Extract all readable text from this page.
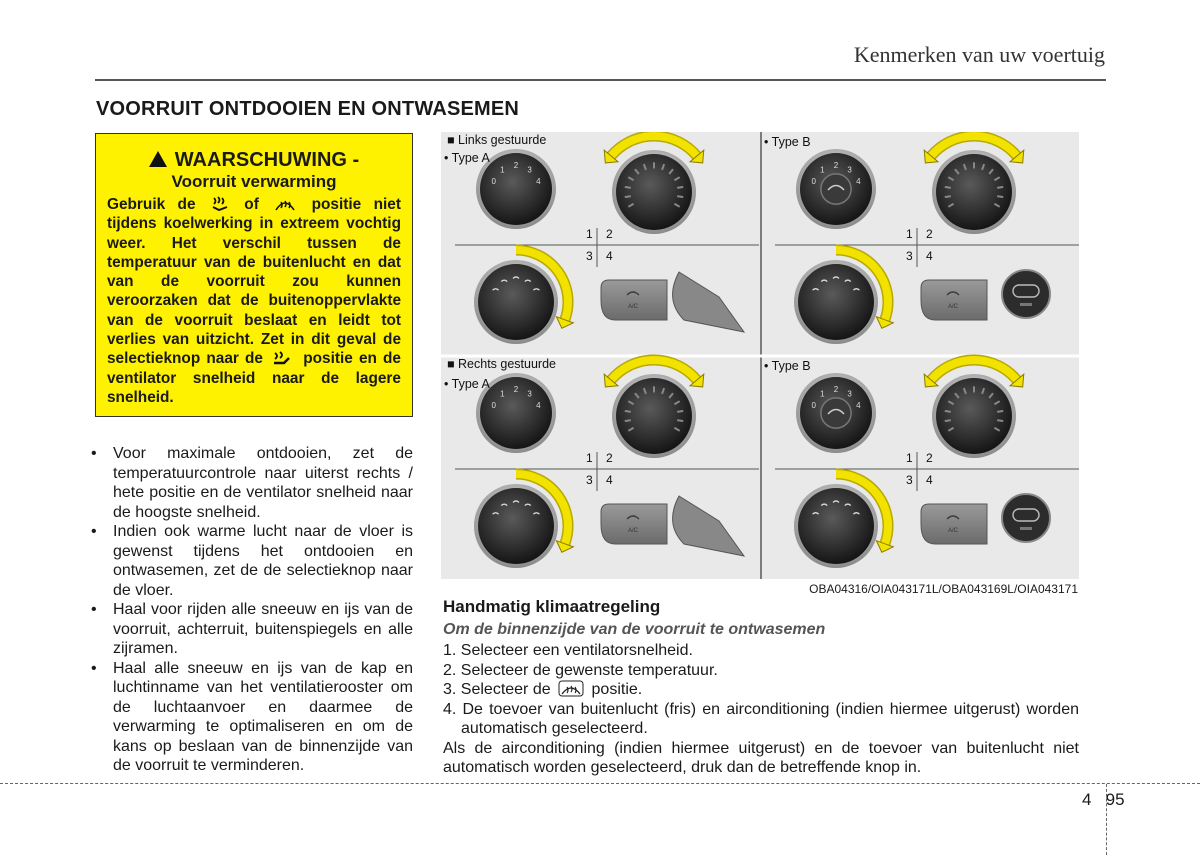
Kenmerken van uw voertuig
VOORRUIT ONTDOOIEN EN ONTWASEMEN
WAARSCHUWING -
Voorruit verwarming
Gebruik de	of	positie niet tijdens koelwerking in extreem vochtig weer. Het verschil tussen de temperatuur van de buitenlucht en dat van de voorruit zou kunnen veroorzaken dat de buitenoppervlakte van de voorruit beslaat en leidt tot verlies van uitzicht. Zet in dit geval de selectieknop naar de	positie en de ventilator snelheid naar de lagere snelheid.
• Voor maximale ontdooien, zet de temperatuurcontrole naar uiterst rechts / hete positie en de ventilator snelheid naar de hoogste snelheid.
• Indien ook warme lucht naar de vloer is gewenst tijdens het ontdooien en ontwasemen, zet de de selectieknop naar de vloer.
• Haal voor rijden alle sneeuw en ijs van de voorruit, achterruit, buitenspiegels en alle zijramen.
• Haal alle sneeuw en ijs van de kap en luchtinname van het ventilatierooster om de luchtaanvoer en daarmee de verwarming te optimaliseren en om de kans op beslaan van de binnenzijde van de voorruit te verminderen.
0
1 2 3
4
1 2
3 4
A/C
0
1 2 3
4
1 2
3 4
A/C
0
1 2 3
4
1 2
3 4
A/C
0
1 2 3
4
1 2
3 4
A/C
■ Links gestuurde
• Type A
• Type B
■ Rechts gestuurde
• Type A
• Type B
OBA04316/OIA043171L/OBA043169L/OIA043171
Handmatig klimaatregeling
Om de binnenzijde van de voorruit te ontwasemen
1. Selecteer een ventilatorsnelheid.
2. Selecteer de gewenste temperatuur.
3. Selecteer de	positie.
4. De toevoer van buitenlucht (fris) en airconditioning (indien hiermee uitgerust) worden automatisch geselecteerd.
Als de airconditioning (indien hiermee uitgerust) en de toevoer van buitenlucht niet automatisch worden geselecteerd, druk dan de betreffende knop in.
4 95
